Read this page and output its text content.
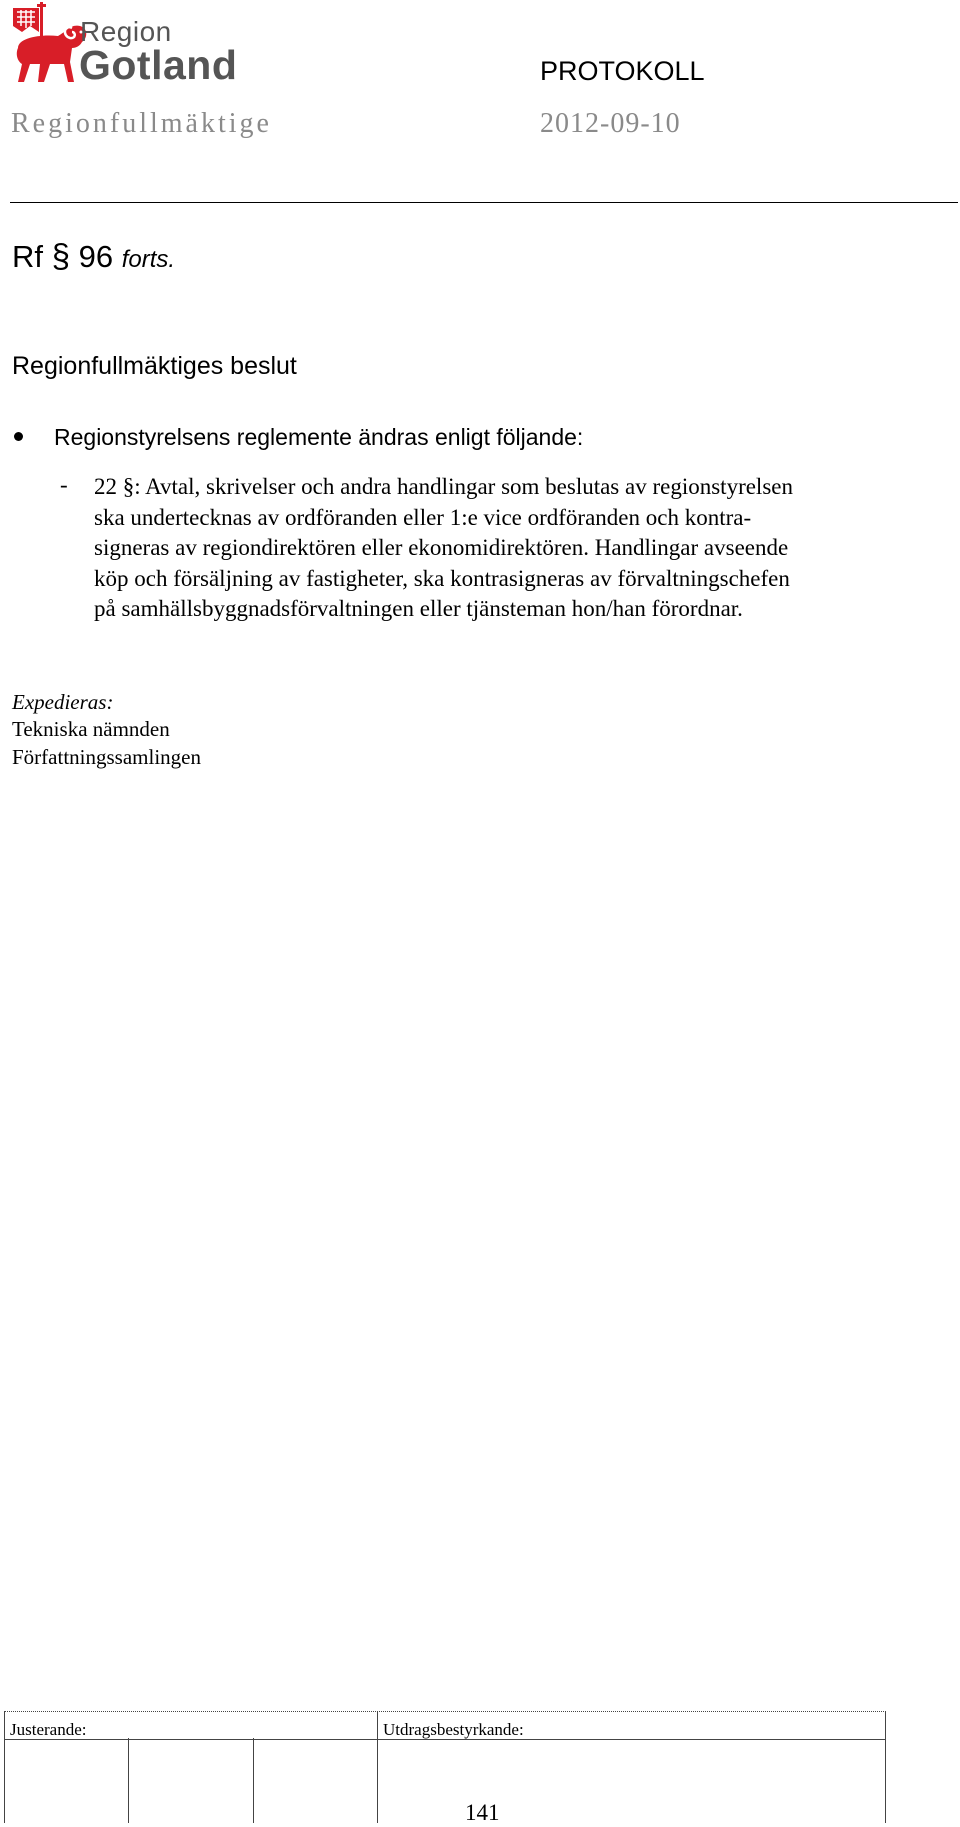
Region
Gotland	PROTOKOLL
Regionfullmäktige	2012-09-10
Rf § 96 forts.
Regionfullmäktiges beslut
Regionstyrelsens reglemente ändras enligt följande:
- 22 §: Avtal, skrivelser och andra handlingar som beslutas av regionstyrelsen
ska undertecknas av ordföranden eller 1:e vice ordföranden och kontra-
signeras av regiondirektören eller ekonomidirektören. Handlingar avseende
köp och försäljning av fastigheter, ska kontrasigneras av förvaltningschefen
på samhällsbyggnadsförvaltningen eller tjänsteman hon/han förordnar.
Expedieras:
Tekniska nämnden
Författningssamlingen
Justerande:	Utdragsbestyrkande:
141
